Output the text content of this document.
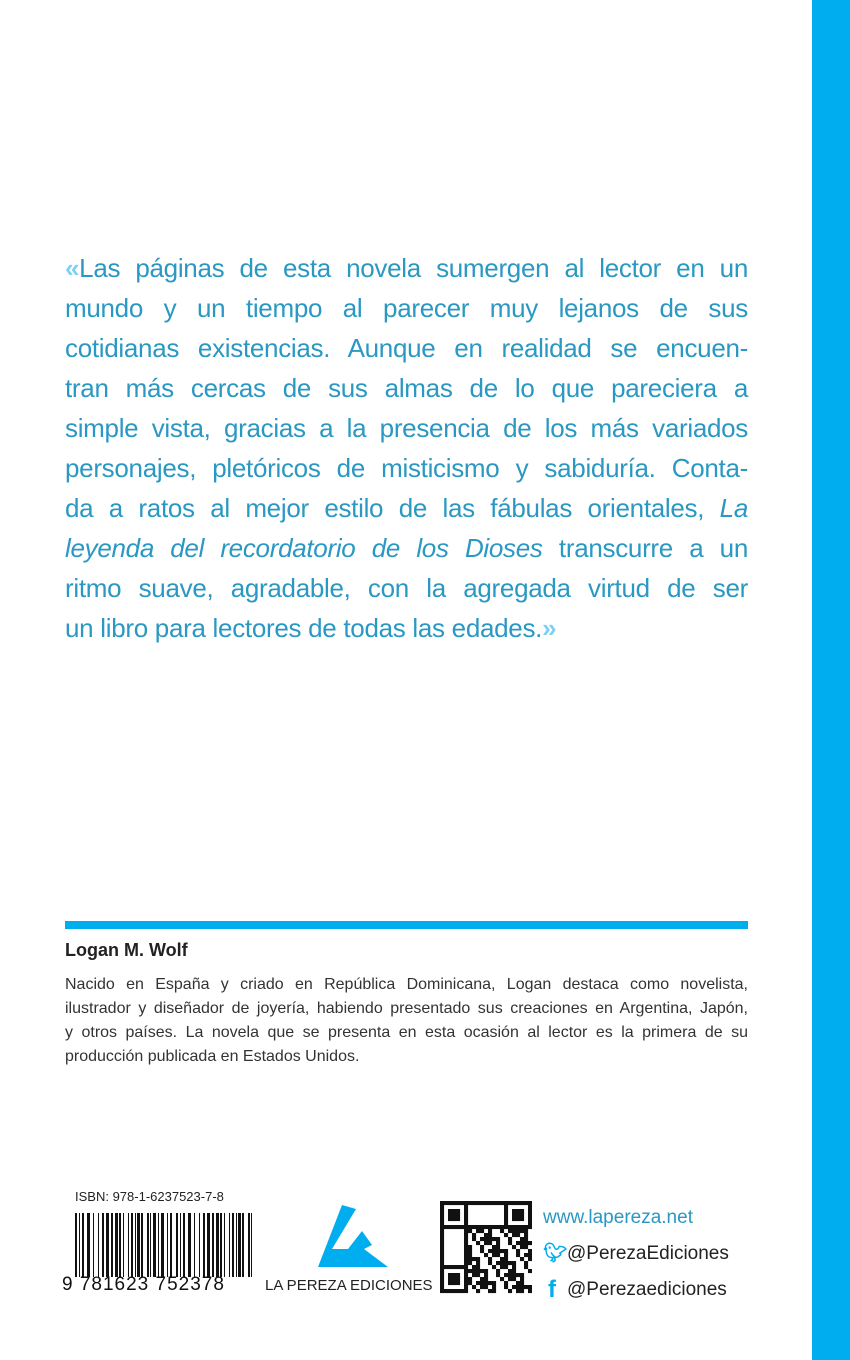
«Las páginas de esta novela sumergen al lector en un
mundo y un tiempo al parecer muy lejanos de sus
cotidianas existencias. Aunque en realidad se encuen-
tran más cercas de sus almas de lo que pareciera a
simple vista, gracias a la presencia de los más variados
personajes, pletóricos de misticismo y sabiduría. Conta-
da a ratos al mejor estilo de las fábulas orientales, La
leyenda del recordatorio de los Dioses transcurre a un
ritmo suave, agradable, con la agregada virtud de ser
un libro para lectores de todas las edades.»
Logan M. Wolf
Nacido en España y criado en República Dominicana, Logan destaca como novelista,
ilustrador y diseñador de joyería, habiendo presentado sus creaciones en Argentina, Japón,
y otros países. La novela que se presenta en esta ocasión al lector es la primera de su
producción publicada en Estados Unidos.
ISBN: 978-1-6237523-7-8
9 781623 752378	LA PEREZA EDICIONES
www.lapereza.net
🐦︎ @PerezaEdiciones
f @Perezaediciones
